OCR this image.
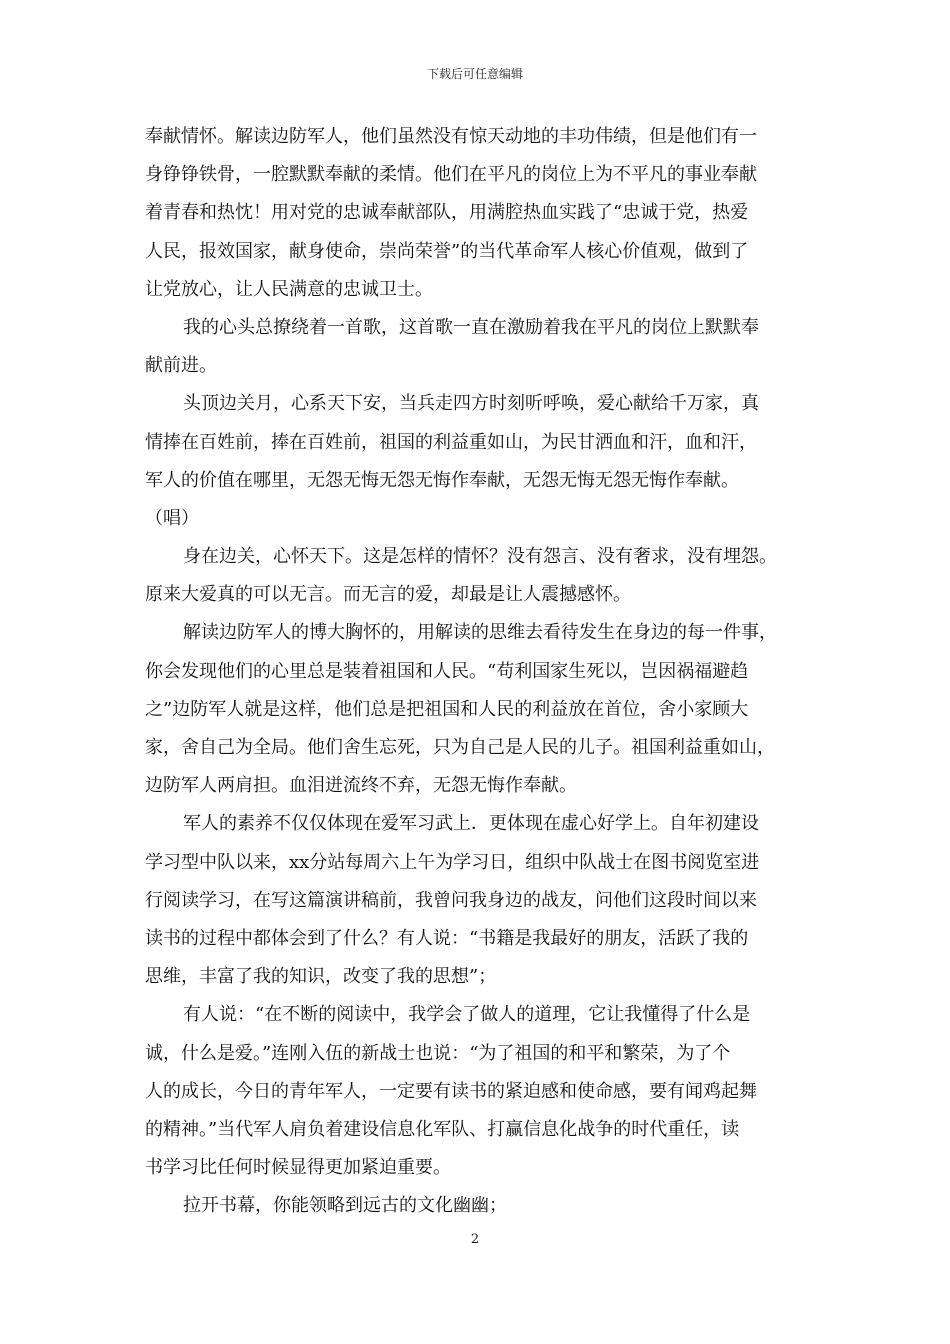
下载后可任意编辑

奉献情怀。解读边防军人，他们虽然没有惊天动地的丰功伟绩，但是他们有一
身铮铮铁骨，一腔默默奉献的柔情。他们在平凡的岗位上为不平凡的事业奉献
着青春和热忱！用对党的忠诚奉献部队，用满腔热血实践了“忠诚于党，热爱
人民，报效国家，献身使命，崇尚荣誉”的当代革命军人核心价值观，做到了
让党放心，让人民满意的忠诚卫士。

我的心头总撩绕着一首歌，这首歌一直在激励着我在平凡的岗位上默默奉
献前进。

头顶边关月，心系天下安，当兵走四方时刻听呼唤，爱心献给千万家，真
情捧在百姓前，捧在百姓前，祖国的利益重如山，为民甘洒血和汗，血和汗，
军人的价值在哪里，无怨无悔无怨无悔作奉献，无怨无悔无怨无悔作奉献。
（唱）

身在边关，心怀天下。这是怎样的情怀？没有怨言、没有奢求，没有埋怨。
原来大爱真的可以无言。而无言的爱，却最是让人震撼感怀。

解读边防军人的博大胸怀的，用解读的思维去看待发生在身边的每一件事，
你会发现他们的心里总是装着祖国和人民。“苟利国家生死以，岂因祸福避趋
之”边防军人就是这样，他们总是把祖国和人民的利益放在首位，舍小家顾大
家，舍自己为全局。他们舍生忘死，只为自己是人民的儿子。祖国利益重如山，
边防军人两肩担。血泪迸流终不弃，无怨无悔作奉献。

军人的素养不仅仅体现在爱军习武上．更体现在虚心好学上。自年初建设
学习型中队以来，xx分站每周六上午为学习日，组织中队战士在图书阅览室进
行阅读学习，在写这篇演讲稿前，我曾问我身边的战友，问他们这段时间以来
读书的过程中都体会到了什么？有人说：“书籍是我最好的朋友，活跃了我的
思维，丰富了我的知识，改变了我的思想”；

有人说：“在不断的阅读中，我学会了做人的道理，它让我懂得了什么是
诚，什么是爱。”连刚入伍的新战士也说：“为了祖国的和平和繁荣，为了个
人的成长，今日的青年军人，一定要有读书的紧迫感和使命感，要有闻鸡起舞
的精神。”当代军人肩负着建设信息化军队、打赢信息化战争的时代重任，读
书学习比任何时候显得更加紧迫重要。

拉开书幕，你能领略到远古的文化幽幽；

2
